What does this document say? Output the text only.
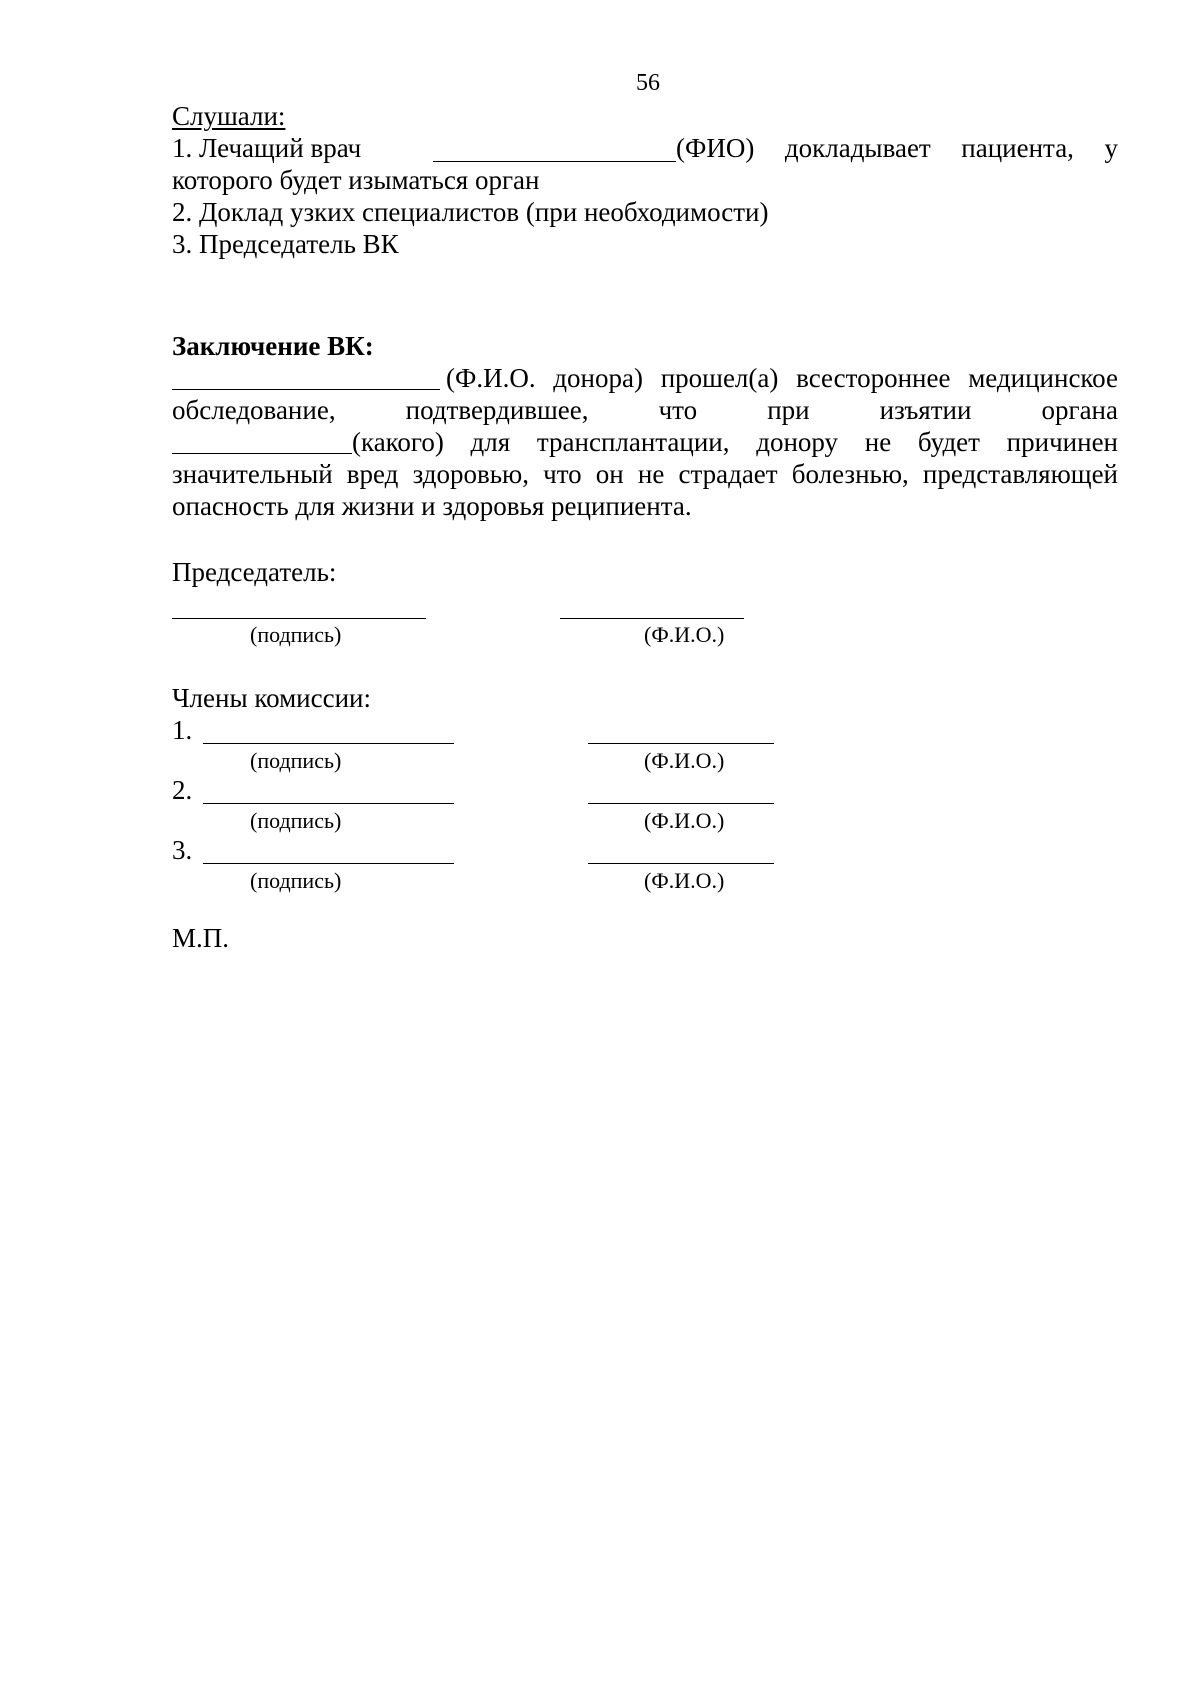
56
Слушали:
1. Лечащий врач	(ФИО) докладывает пациента, у
которого будет изыматься орган
2. Доклад узких специалистов (при необходимости)
3. Председатель ВК
Заключение ВК:
(Ф.И.О. донора) прошел(а) всестороннее медицинское
обследование, подтвердившее, что при изъятии органа
(какого) для трансплантации, донору не будет причинен
значительный вред здоровью, что он не страдает болезнью, представляющей
опасность для жизни и здоровья реципиента.
Председатель:
(подпись)	(Ф.И.О.)
Члены комиссии:
1.
(подпись)	(Ф.И.О.)
2.
(подпись)	(Ф.И.О.)
3.
(подпись)	(Ф.И.О.)
М.П.
